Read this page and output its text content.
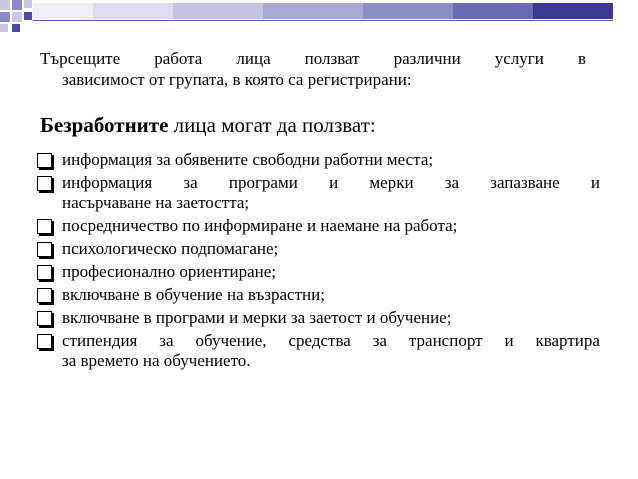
Търсещите работа лица ползват различни услуги в
зависимост от групата, в която са регистрирани:
Безработните лица могат да ползват:
информация за обявените свободни работни места;
информация за програми и мерки за запазване и
насърчаване на заетостта;
посредничество по информиране и наемане на работа;
психологическо подпомагане;
професионално ориентиране;
включване в обучение на възрастни;
включване в програми и мерки за заетост и обучение;
стипендия за обучение, средства за транспорт и квартира
за времето на обучението.
